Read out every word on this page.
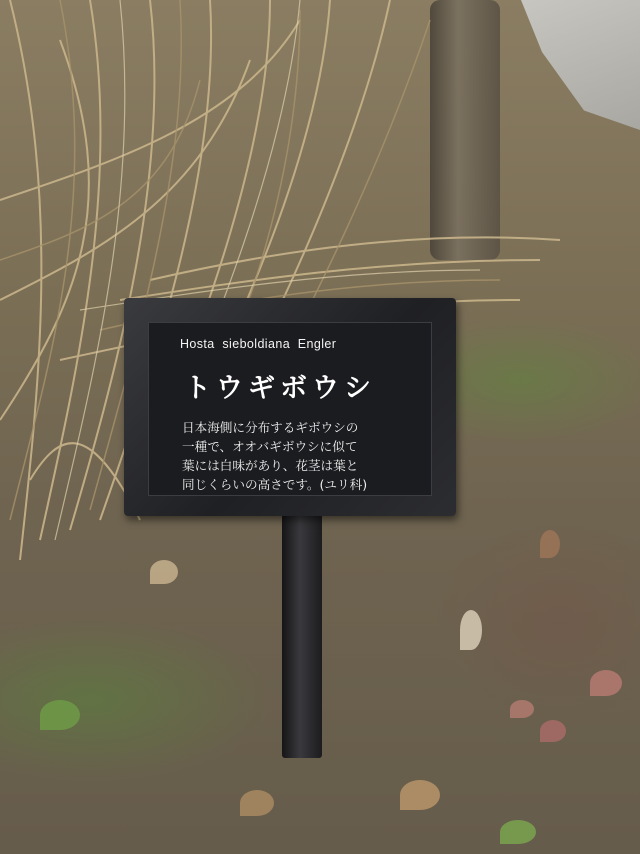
Hosta  sieboldiana  Engler
トウギボウシ
日本海側に分布するギボウシの
一種で、オオバギボウシに似て
葉には白味があり、花茎は葉と
同じくらいの高さです。(ユリ科)
